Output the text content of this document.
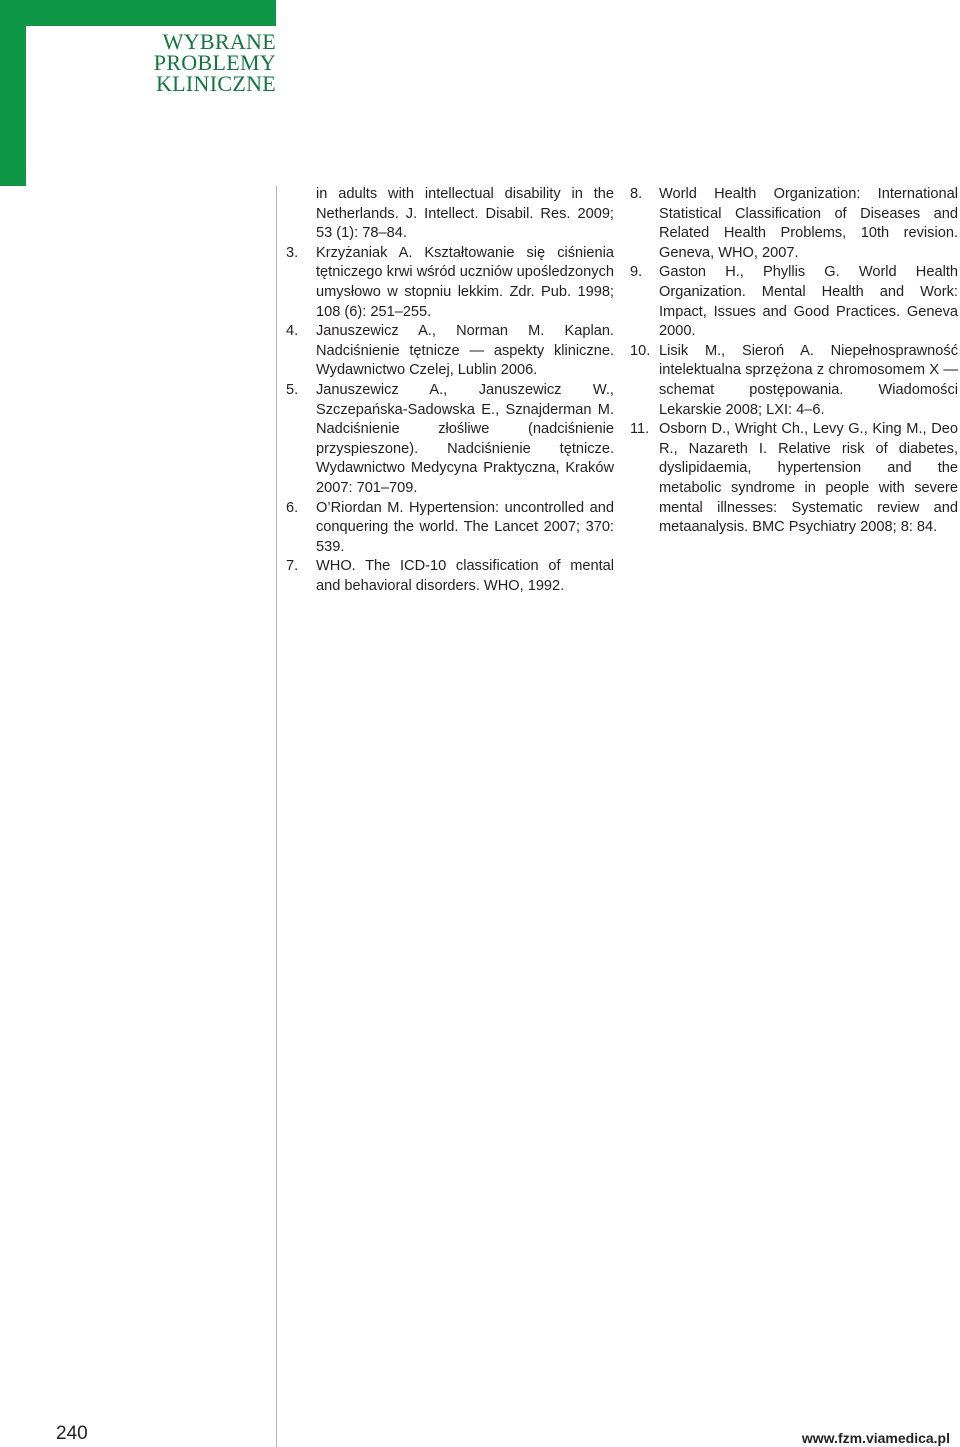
WYBRANE
PROBLEMY
KLINICZNE
in adults with intellectual disability in the Netherlands. J. Intellect. Disabil. Res. 2009; 53 (1): 78–84.
3.	Krzyżaniak A. Kształtowanie się ciśnienia tętniczego krwi wśród uczniów upośledzonych umysłowo w stopniu lekkim. Zdr. Pub. 1998; 108 (6): 251–255.
4.	Januszewicz A., Norman M. Kaplan. Nadciśnienie tętnicze — aspekty kliniczne. Wydawnictwo Czelej, Lublin 2006.
5.	Januszewicz A., Januszewicz W., Szczepańska-Sadowska E., Sznajderman M. Nadciśnienie złośliwe (nadciśnienie przyspieszone). Nadciśnienie tętnicze. Wydawnictwo Medycyna Praktyczna, Kraków 2007: 701–709.
6.	O’Riordan M. Hypertension: uncontrolled and conquering the world. The Lancet 2007; 370: 539.
7.	WHO. The ICD-10 classification of mental and behavioral disorders. WHO, 1992.
8.	World Health Organization: International Statistical Classification of Diseases and Related Health Problems, 10th revision. Geneva, WHO, 2007.
9.	Gaston H., Phyllis G. World Health Organization. Mental Health and Work: Impact, Issues and Good Practices. Geneva 2000.
10. Lisik M., Sieroń A. Niepełnosprawność intelektualna sprzężona z chromosomem X — schemat postępowania. Wiadomości Lekarskie 2008; LXI: 4–6.
11. Osborn D., Wright Ch., Levy G., King M., Deo R., Nazareth I. Relative risk of diabetes, dyslipidaemia, hypertension and the metabolic syndrome in people with severe mental illnesses: Systematic review and metaanalysis. BMC Psychiatry 2008; 8: 84.
240	www.fzm.viamedica.pl
